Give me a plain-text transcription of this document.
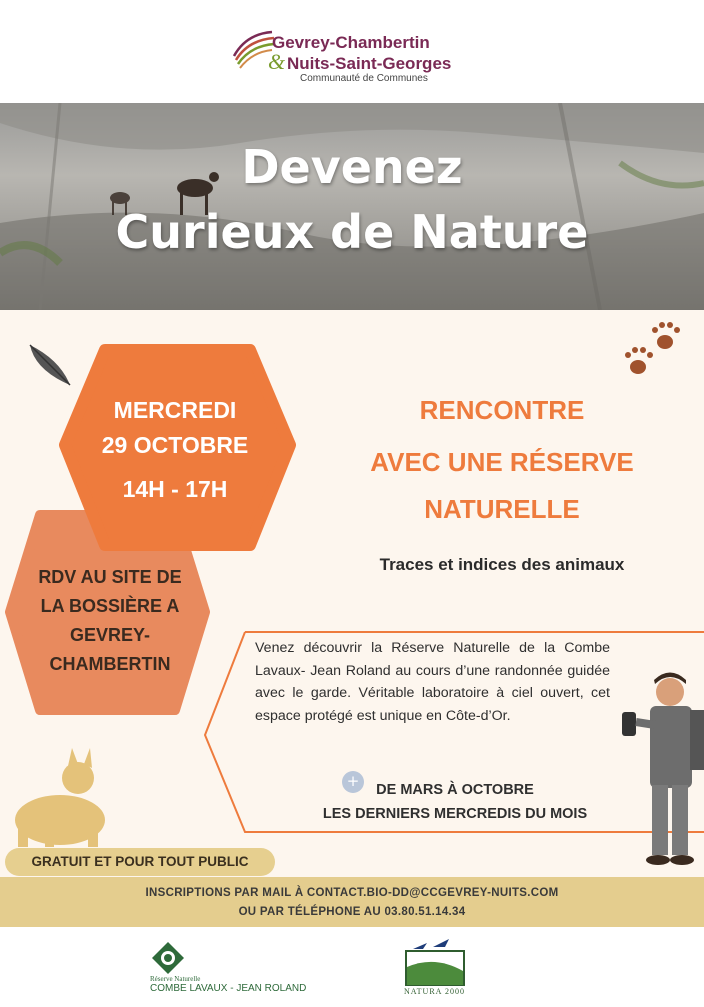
Gevrey-Chambertin
& Nuits-Saint-Georges
Communauté de Communes
Devenez
Curieux de Nature
MERCREDI
29 OCTOBRE
14H - 17H
RDV AU SITE DE
LA BOSSIÈRE A
GEVREY-
CHAMBERTIN
RENCONTRE
AVEC UNE RÉSERVE
NATURELLE
Traces et indices des animaux
Venez découvrir la Réserve Naturelle de la Combe Lavaux- Jean Roland au cours d’une randonnée guidée avec le garde. Véritable laboratoire à ciel ouvert, cet espace protégé est unique en Côte-d’Or.
+	DE MARS À OCTOBRE
LES DERNIERS MERCREDIS DU MOIS
GRATUIT ET POUR TOUT PUBLIC
INSCRIPTIONS PAR MAIL À CONTACT.BIO-DD@CCGEVREY-NUITS.COM
OU PAR TÉLÉPHONE AU 03.80.51.14.34
Réserve Naturelle
COMBE LAVAUX - JEAN ROLAND	NATURA 2000
